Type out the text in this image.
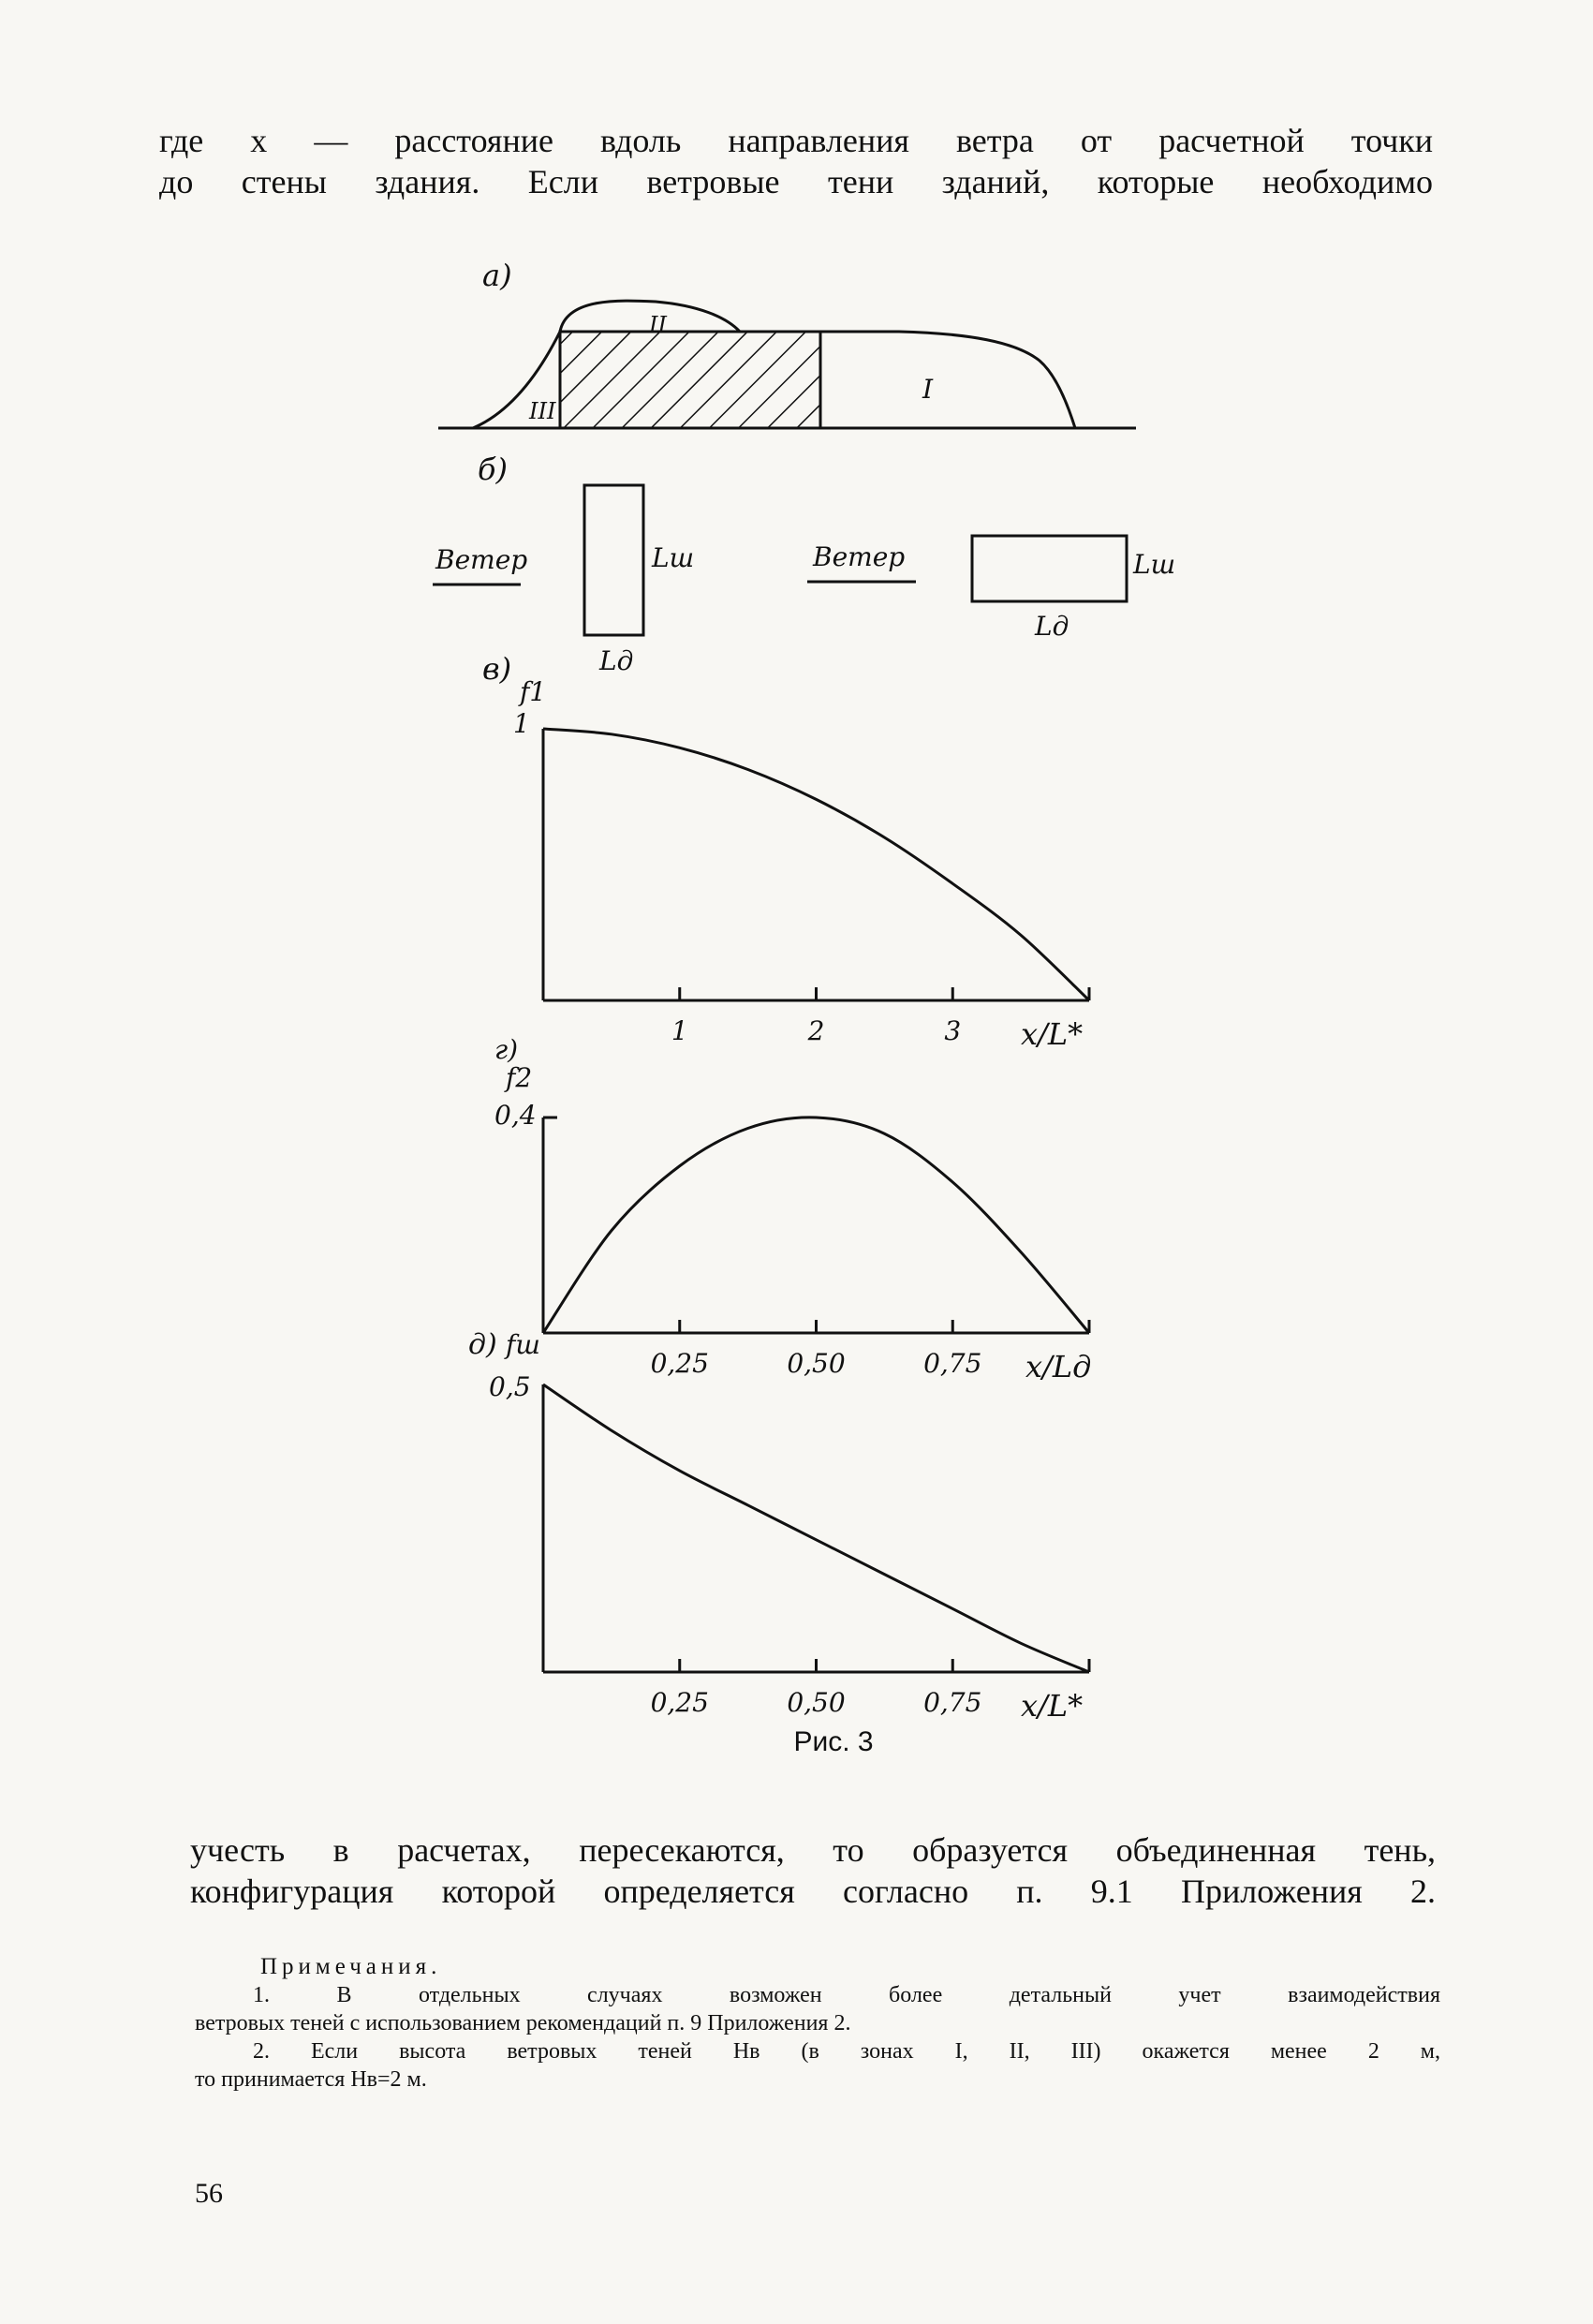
где x — расстояние вдоль направления ветра от расчетной точки
до стены здания. Если ветровые тени зданий, которые необходимо

a)
III
II
I
б)
Ветер	Lш
Lд
Ветер	Lш
Lд
в)
f1
1
x/L*
1	2	3
г)
f2
0,4
x/Lд
0,25	0,50	0,75
д) fш
0,5
x/L*
0,25	0,50	0,75
Рис. 3

учесть в расчетах, пересекаются, то образуется объединенная тень,
конфигурация которой определяется согласно п. 9.1 Приложения 2.

Примечания.

1. В отдельных случаях возможен более детальный учет взаимодействия

ветровых теней с использованием рекомендаций п. 9 Приложения 2.

2. Если высота ветровых теней Hв (в зонах I, II, III) окажется менее 2 м,

то принимается Hв=2 м.

56
